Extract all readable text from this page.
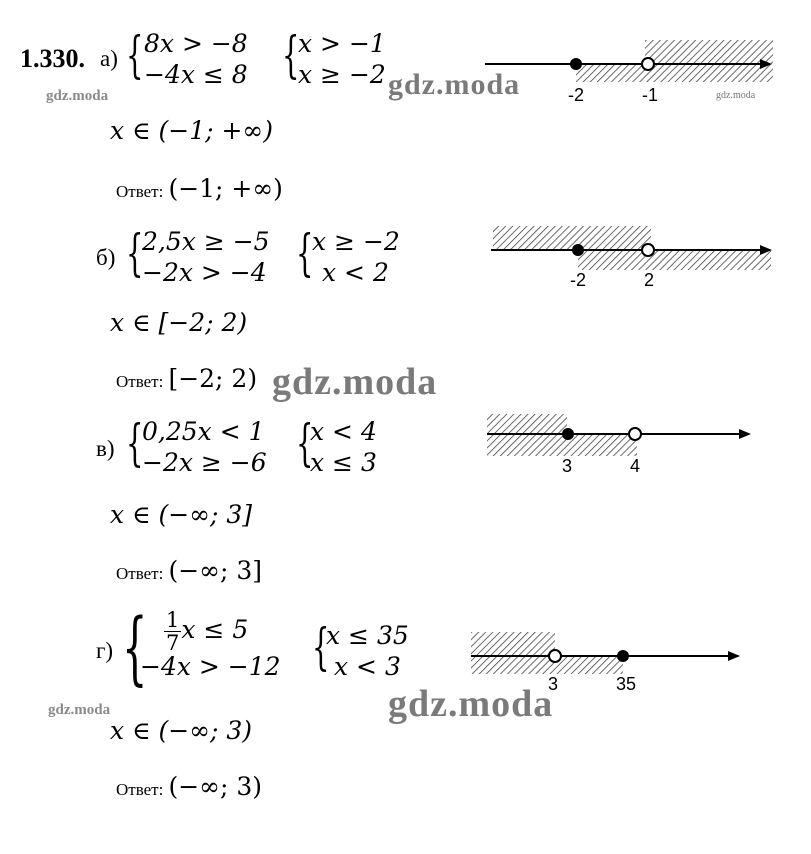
1.330. а) { 8x > −8
−4x ≤ 8 {
x > −1
x ≥ −2
-2	-1
gdz.moda	gdz.moda	gdz.moda
x ∈ (−1; +∞)
Ответ: (−1; +∞)
б) {
2,5x ≥ −5
−2x > −4 {
x ≥ −2
x < 2	-2	2
x ∈ [−2; 2)
Ответ: [−2; 2) gdz.moda
в) {
0,25x < 1
−2x ≥ −6 {
x < 4
x ≤ 3	3	4
x ∈ (−∞; 3]
Ответ: (−∞; 3]
г) { $\frac{1}{7}$ x ≤ 5
−4x > −12 {
x ≤ 35
x < 3
3	35
gdz.moda	gdz.moda
x ∈ (−∞; 3)
Ответ: (−∞; 3)
